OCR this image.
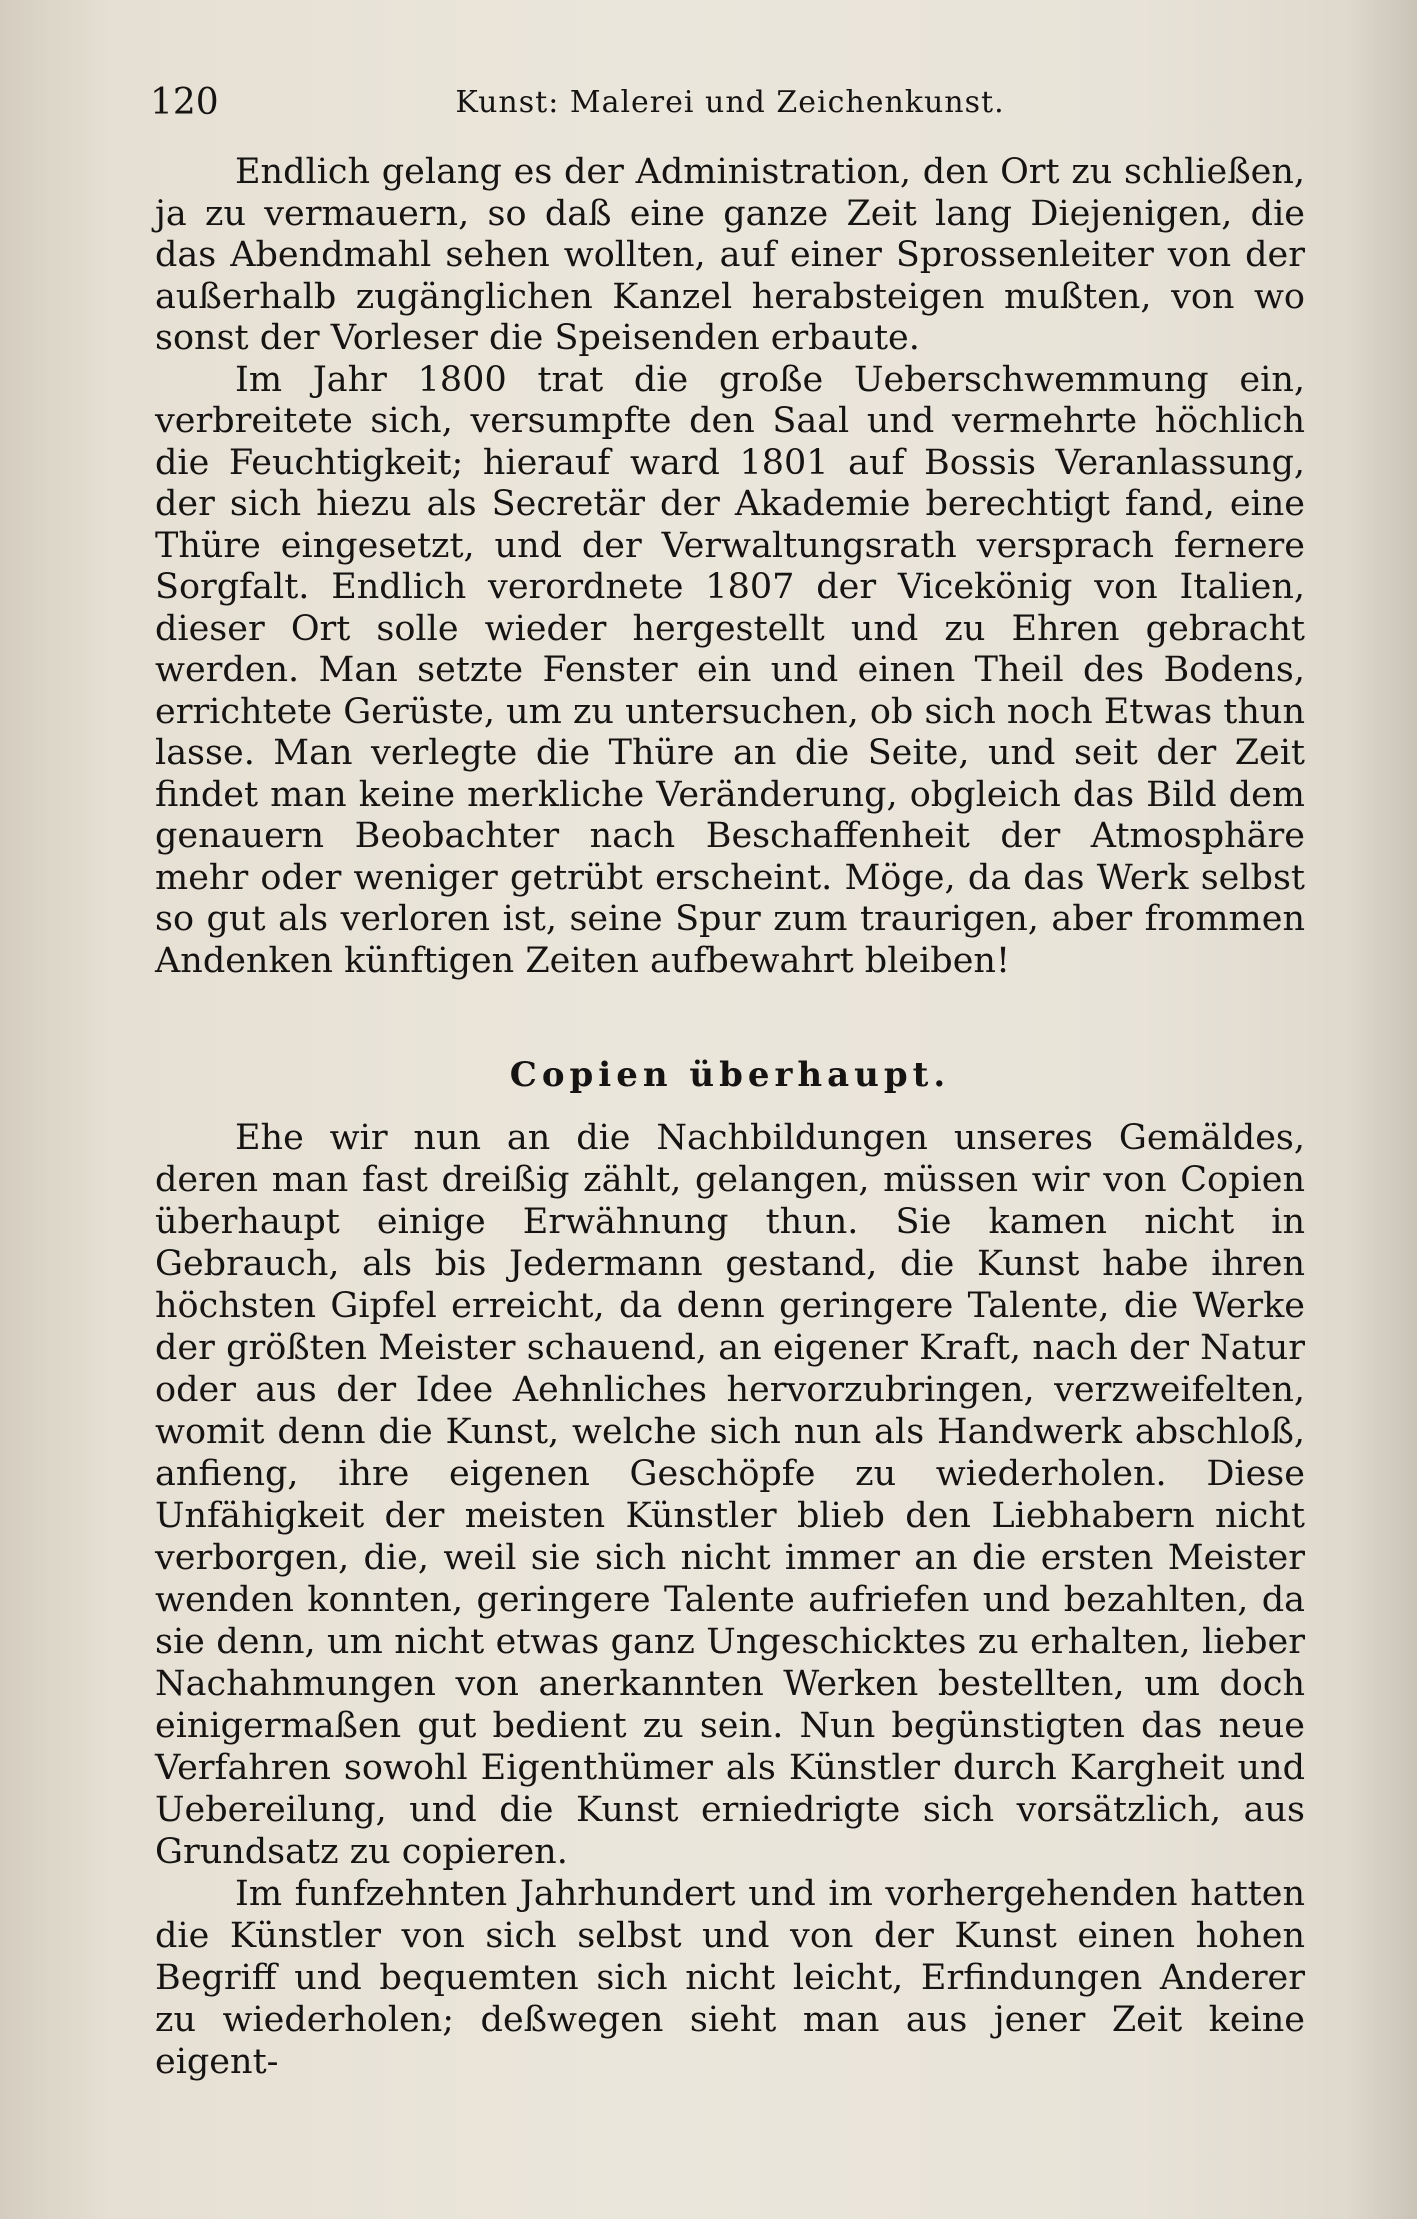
120	Kunst: Malerei und Zeichenkunst.

Endlich gelang es der Administration, den Ort zu schließen, ja zu vermauern, so daß eine ganze Zeit lang Diejenigen, die das Abendmahl sehen wollten, auf einer Sprossenleiter von der außerhalb zugänglichen Kanzel herabsteigen mußten, von wo sonst der Vorleser die Speisenden erbaute.

Im Jahr 1800 trat die große Ueberschwemmung ein, verbreitete sich, versumpfte den Saal und vermehrte höchlich die Feuchtigkeit; hierauf ward 1801 auf Bossis Veranlassung, der sich hiezu als Secretär der Akademie berechtigt fand, eine Thüre eingesetzt, und der Verwaltungsrath versprach fernere Sorgfalt. Endlich verordnete 1807 der Vicekönig von Italien, dieser Ort solle wieder hergestellt und zu Ehren gebracht werden. Man setzte Fenster ein und einen Theil des Bodens, errichtete Gerüste, um zu untersuchen, ob sich noch Etwas thun lasse. Man verlegte die Thüre an die Seite, und seit der Zeit findet man keine merkliche Veränderung, obgleich das Bild dem genauern Beobachter nach Beschaffenheit der Atmosphäre mehr oder weniger getrübt erscheint. Möge, da das Werk selbst so gut als verloren ist, seine Spur zum traurigen, aber frommen Andenken künftigen Zeiten aufbewahrt bleiben!

Copien überhaupt.

Ehe wir nun an die Nachbildungen unseres Gemäldes, deren man fast dreißig zählt, gelangen, müssen wir von Copien überhaupt einige Erwähnung thun. Sie kamen nicht in Gebrauch, als bis Jedermann gestand, die Kunst habe ihren höchsten Gipfel erreicht, da denn geringere Talente, die Werke der größten Meister schauend, an eigener Kraft, nach der Natur oder aus der Idee Aehnliches hervorzubringen, verzweifelten, womit denn die Kunst, welche sich nun als Handwerk abschloß, anfieng, ihre eigenen Geschöpfe zu wiederholen. Diese Unfähigkeit der meisten Künstler blieb den Liebhabern nicht verborgen, die, weil sie sich nicht immer an die ersten Meister wenden konnten, geringere Talente aufriefen und bezahlten, da sie denn, um nicht etwas ganz Ungeschicktes zu erhalten, lieber Nachahmungen von anerkannten Werken bestellten, um doch einigermaßen gut bedient zu sein. Nun begünstigten das neue Verfahren sowohl Eigenthümer als Künstler durch Kargheit und Uebereilung, und die Kunst erniedrigte sich vorsätzlich, aus Grundsatz zu copieren.

Im funfzehnten Jahrhundert und im vorhergehenden hatten die Künstler von sich selbst und von der Kunst einen hohen Begriff und bequemten sich nicht leicht, Erfindungen Anderer zu wiederholen; deßwegen sieht man aus jener Zeit keine eigent-
